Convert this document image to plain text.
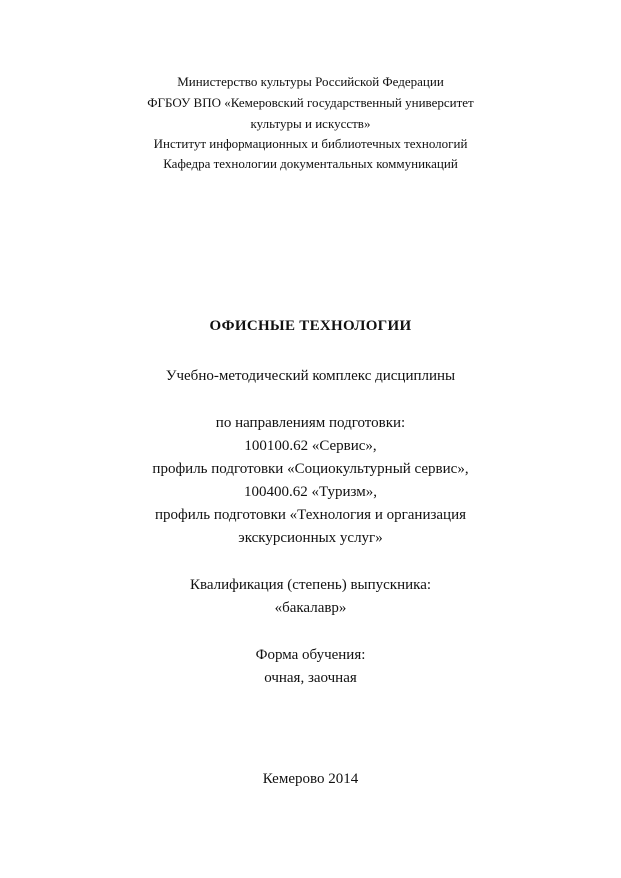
Министерство культуры Российской Федерации
ФГБОУ ВПО «Кемеровский государственный университет
культуры и искусств»
Институт информационных и библиотечных технологий
Кафедра технологии документальных коммуникаций
ОФИСНЫЕ ТЕХНОЛОГИИ
Учебно-методический комплекс дисциплины
по направлениям подготовки:
100100.62 «Сервис»,
профиль подготовки «Социокультурный сервис»,
100400.62 «Туризм»,
профиль подготовки «Технология и организация
экскурсионных услуг»
Квалификация (степень) выпускника:
«бакалавр»
Форма обучения:
очная, заочная
Кемерово 2014
